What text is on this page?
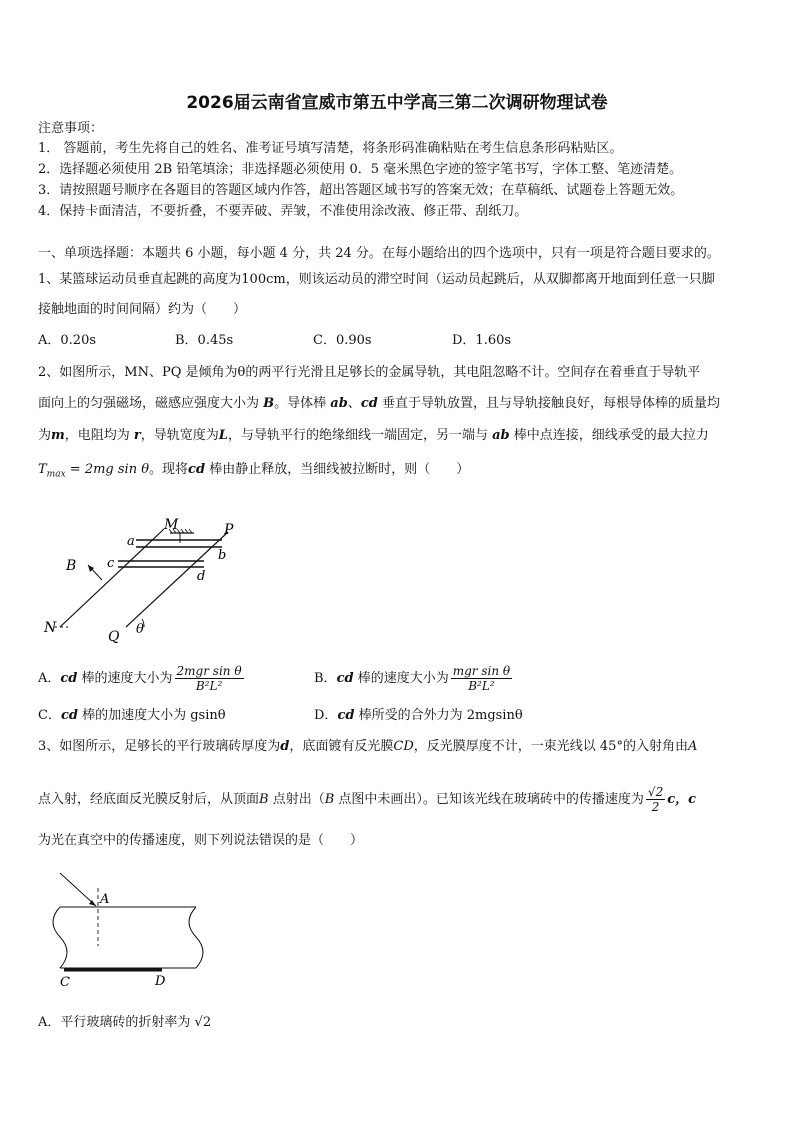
2026届云南省宣威市第五中学高三第二次调研物理试卷
注意事项：
1． 答题前，考生先将自己的姓名、准考证号填写清楚，将条形码准确粘贴在考生信息条形码粘贴区。
2．选择题必须使用 2B 铅笔填涂；非选择题必须使用 0．5 毫米黑色字迹的签字笔书写，字体工整、笔迹清楚。
3．请按照题号顺序在各题目的答题区域内作答，超出答题区域书写的答案无效；在草稿纸、试题卷上答题无效。
4．保持卡面清洁，不要折叠，不要弄破、弄皱，不准使用涂改液、修正带、刮纸刀。
一、单项选择题：本题共 6 小题，每小题 4 分，共 24 分。在每小题给出的四个选项中，只有一项是符合题目要求的。
1、某篮球运动员垂直起跳的高度为100cm，则该运动员的滞空时间（运动员起跳后，从双脚都离开地面到任意一只脚
接触地面的时间间隔）约为（　　）
A．0.20s	B．0.45s	C．0.90s	D．1.60s
2、如图所示，MN、PQ 是倾角为θ的两平行光滑且足够长的金属导轨，其电阻忽略不计。空间存在着垂直于导轨平
面向上的匀强磁场，磁感应强度大小为 B。导体棒 ab、cd 垂直于导轨放置，且与导轨接触良好，每根导体棒的质量均
为m，电阻均为 r，导轨宽度为L，与导轨平行的绝缘细线一端固定，另一端与 ab 棒中点连接，细线承受的最大拉力
$T_{max} = 2mg$ sin θ。现将cd 棒由静止释放，当细线被拉断时，则（　　）
M	P
a
b
c
d
B
N
Q θ
A．cd 棒的速度大小为 $\frac{\text{2mgr sin θ}}{\text{B²L²}}$	B．cd 棒的速度大小为 $\frac{\text{mgr sin θ}}{\text{B²L²}}$
C．cd 棒的加速度大小为 gsinθ	D．cd 棒所受的合外力为 2mgsinθ
3、如图所示，足够长的平行玻璃砖厚度为d，底面镀有反光膜CD，反光膜厚度不计，一束光线以 45°的入射角由A
点入射，经底面反光膜反射后，从顶面B 点射出（B 点图中未画出）。已知该光线在玻璃砖中的传播速度为 $\frac{√2}{2}$ c，c
为光在真空中的传播速度，则下列说法错误的是（　　）
A
C	D
A．平行玻璃砖的折射率为 √2
